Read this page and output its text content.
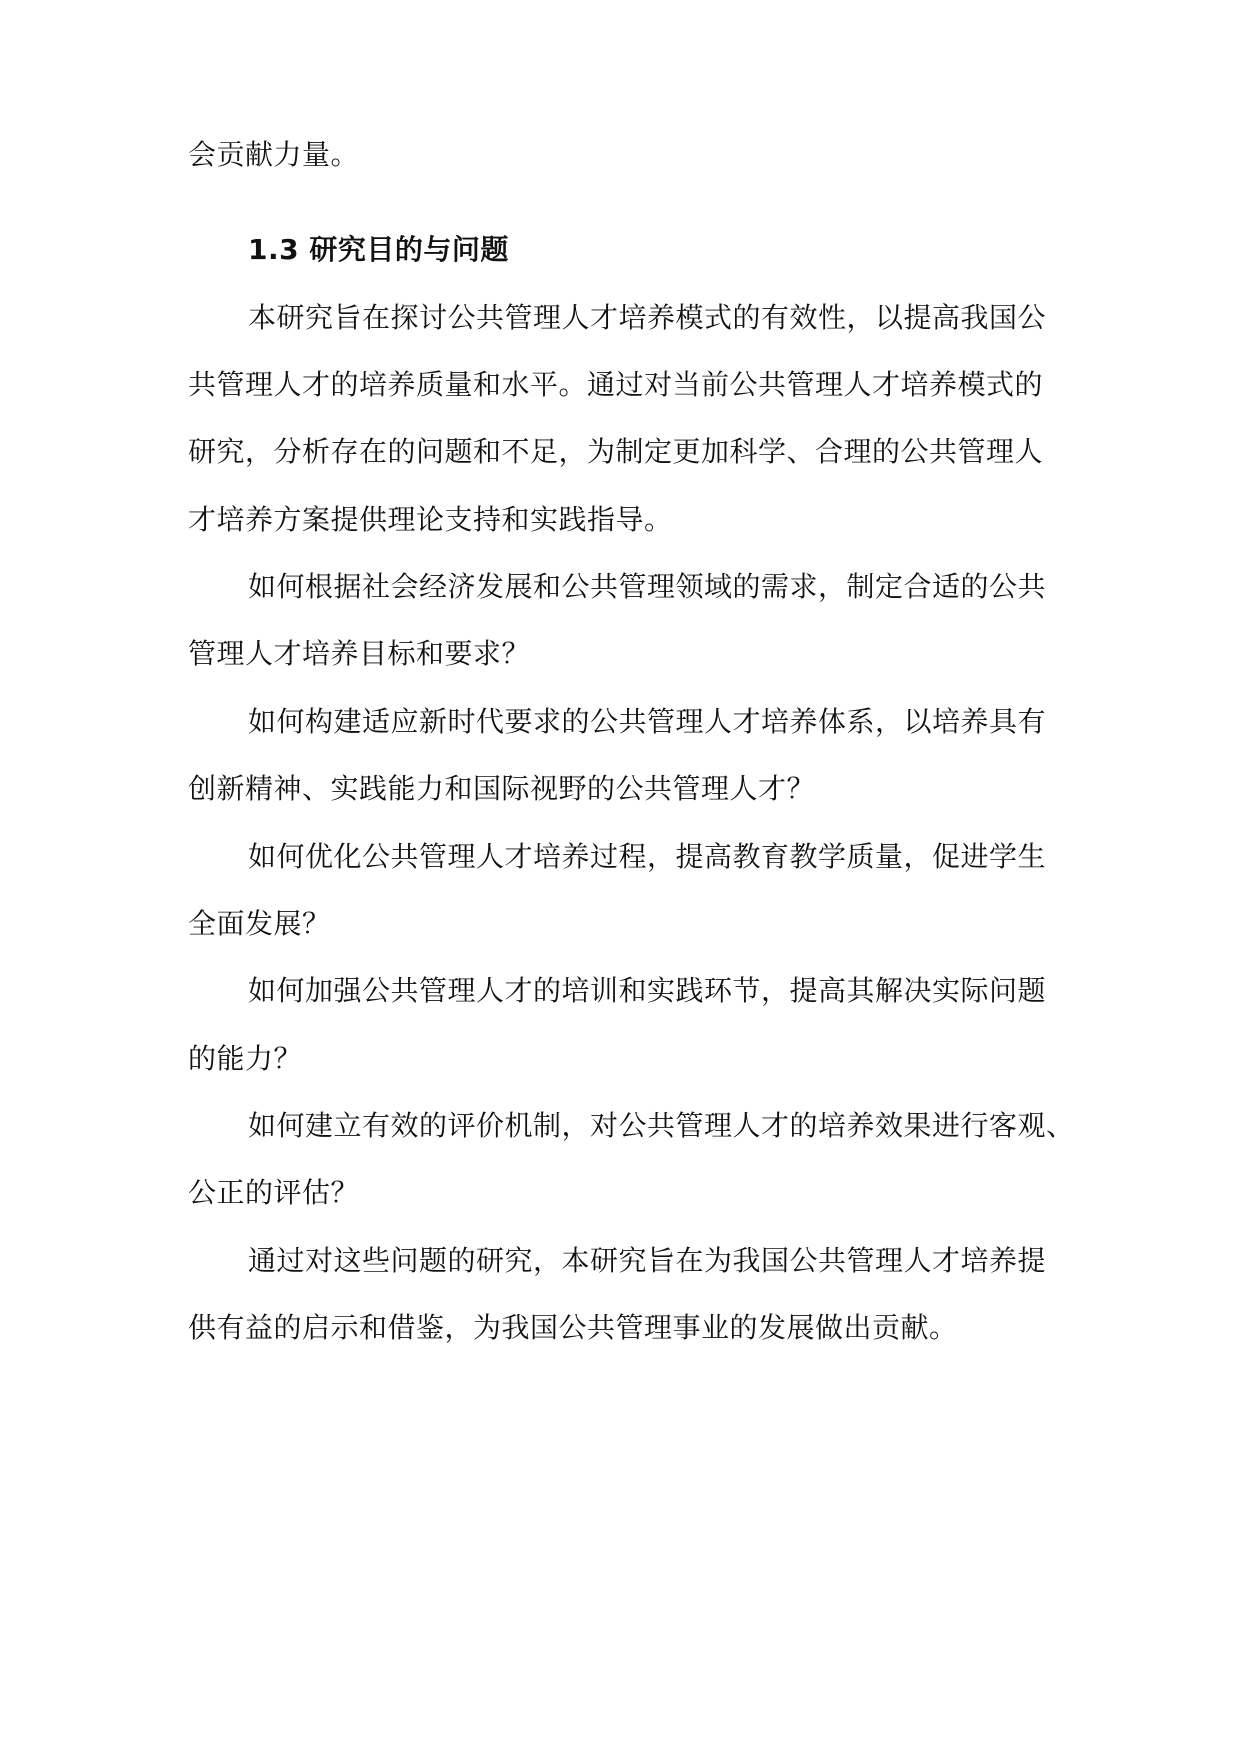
会贡献力量。
1.3 研究目的与问题
本研究旨在探讨公共管理人才培养模式的有效性，以提高我国公
共管理人才的培养质量和水平。通过对当前公共管理人才培养模式的
研究，分析存在的问题和不足，为制定更加科学、合理的公共管理人
才培养方案提供理论支持和实践指导。
如何根据社会经济发展和公共管理领域的需求，制定合适的公共
管理人才培养目标和要求？
如何构建适应新时代要求的公共管理人才培养体系，以培养具有
创新精神、实践能力和国际视野的公共管理人才？
如何优化公共管理人才培养过程，提高教育教学质量，促进学生
全面发展？
如何加强公共管理人才的培训和实践环节，提高其解决实际问题
的能力？
如何建立有效的评价机制，对公共管理人才的培养效果进行客观、
公正的评估？
通过对这些问题的研究，本研究旨在为我国公共管理人才培养提
供有益的启示和借鉴，为我国公共管理事业的发展做出贡献。
